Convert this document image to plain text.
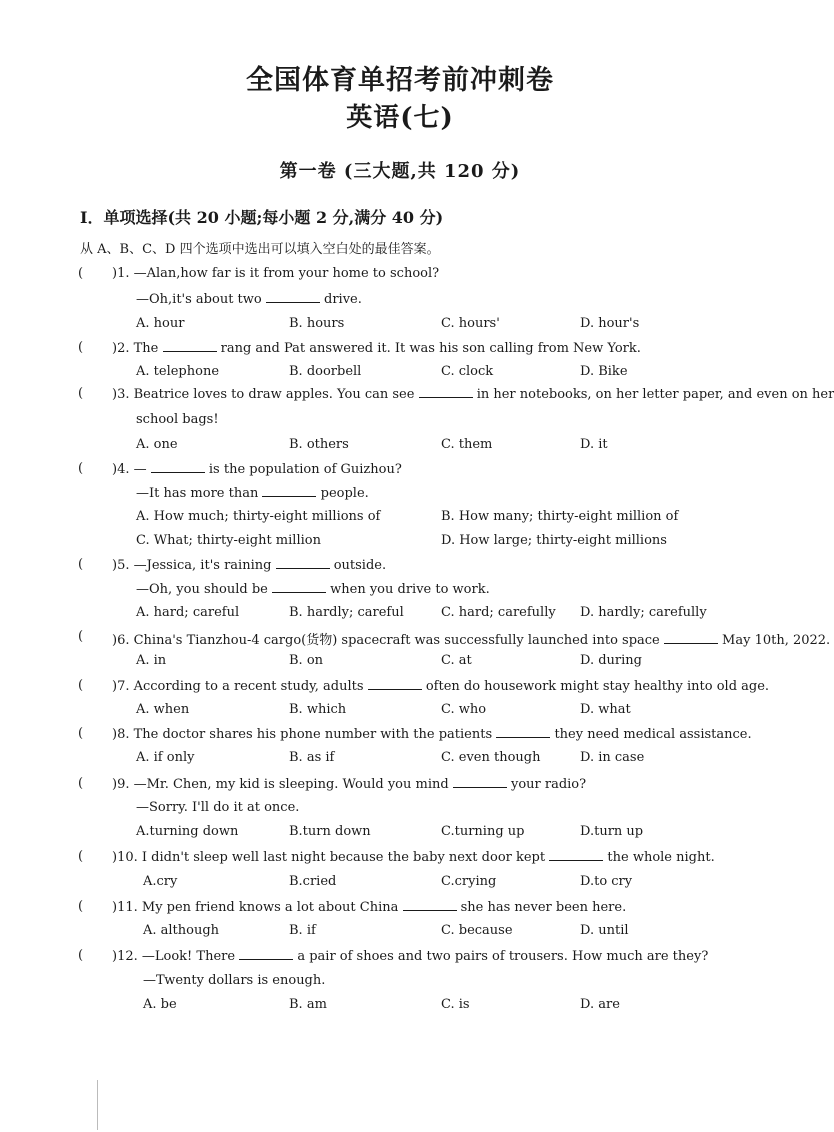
全国体育单招考前冲刺卷
英语(七)
第一卷 (三大题,共 120 分)
I．单项选择(共 20 小题;每小题 2 分,满分 40 分)
从 A、B、C、D 四个选项中选出可以填入空白处的最佳答案。
( )1. —Alan,how far is it from your home to school?
—Oh,it's about two	drive.
A. hour	B. hours	C. hours'	D. hour's
( )2. The	rang and Pat answered it. It was his son calling from New York.
A. telephone	B. doorbell	C. clock	D. Bike
( )3. Beatrice loves to draw apples. You can see	in her notebooks, on her letter paper, and even on her
school bags!
A. one	B. others	C. them	D. it
( )4. —	is the population of Guizhou?
—It has more than	people.
A. How much; thirty-eight millions of	B. How many; thirty-eight million of
C. What; thirty-eight million	D. How large; thirty-eight millions
( )5. —Jessica, it's raining	outside.
—Oh, you should be	when you drive to work.
A. hard; careful	B. hardly; careful	C. hard; carefully D. hardly; carefully
( )6. China's Tianzhou-4 cargo(货物) spacecraft was successfully launched into space	May 10th, 2022.
A. in	B. on	C. at	D. during
( )7. According to a recent study, adults	often do housework might stay healthy into old age.
A. when	B. which	C. who	D. what
( )8. The doctor shares his phone number with the patients	they need medical assistance.
A. if only	B. as if	C. even though	D. in case
( )9. —Mr. Chen, my kid is sleeping. Would you mind	your radio?
—Sorry. I'll do it at once.
A.turning down	B.turn down	C.turning up	D.turn up
( )10. I didn't sleep well last night because the baby next door kept	the whole night.
A.cry	B.cried	C.crying	D.to cry
( )11. My pen friend knows a lot about China	she has never been here.
A. although	B. if	C. because	D. until
( )12. —Look! There	a pair of shoes and two pairs of trousers. How much are they?
—Twenty dollars is enough.
A. be	B. am	C. is	D. are
